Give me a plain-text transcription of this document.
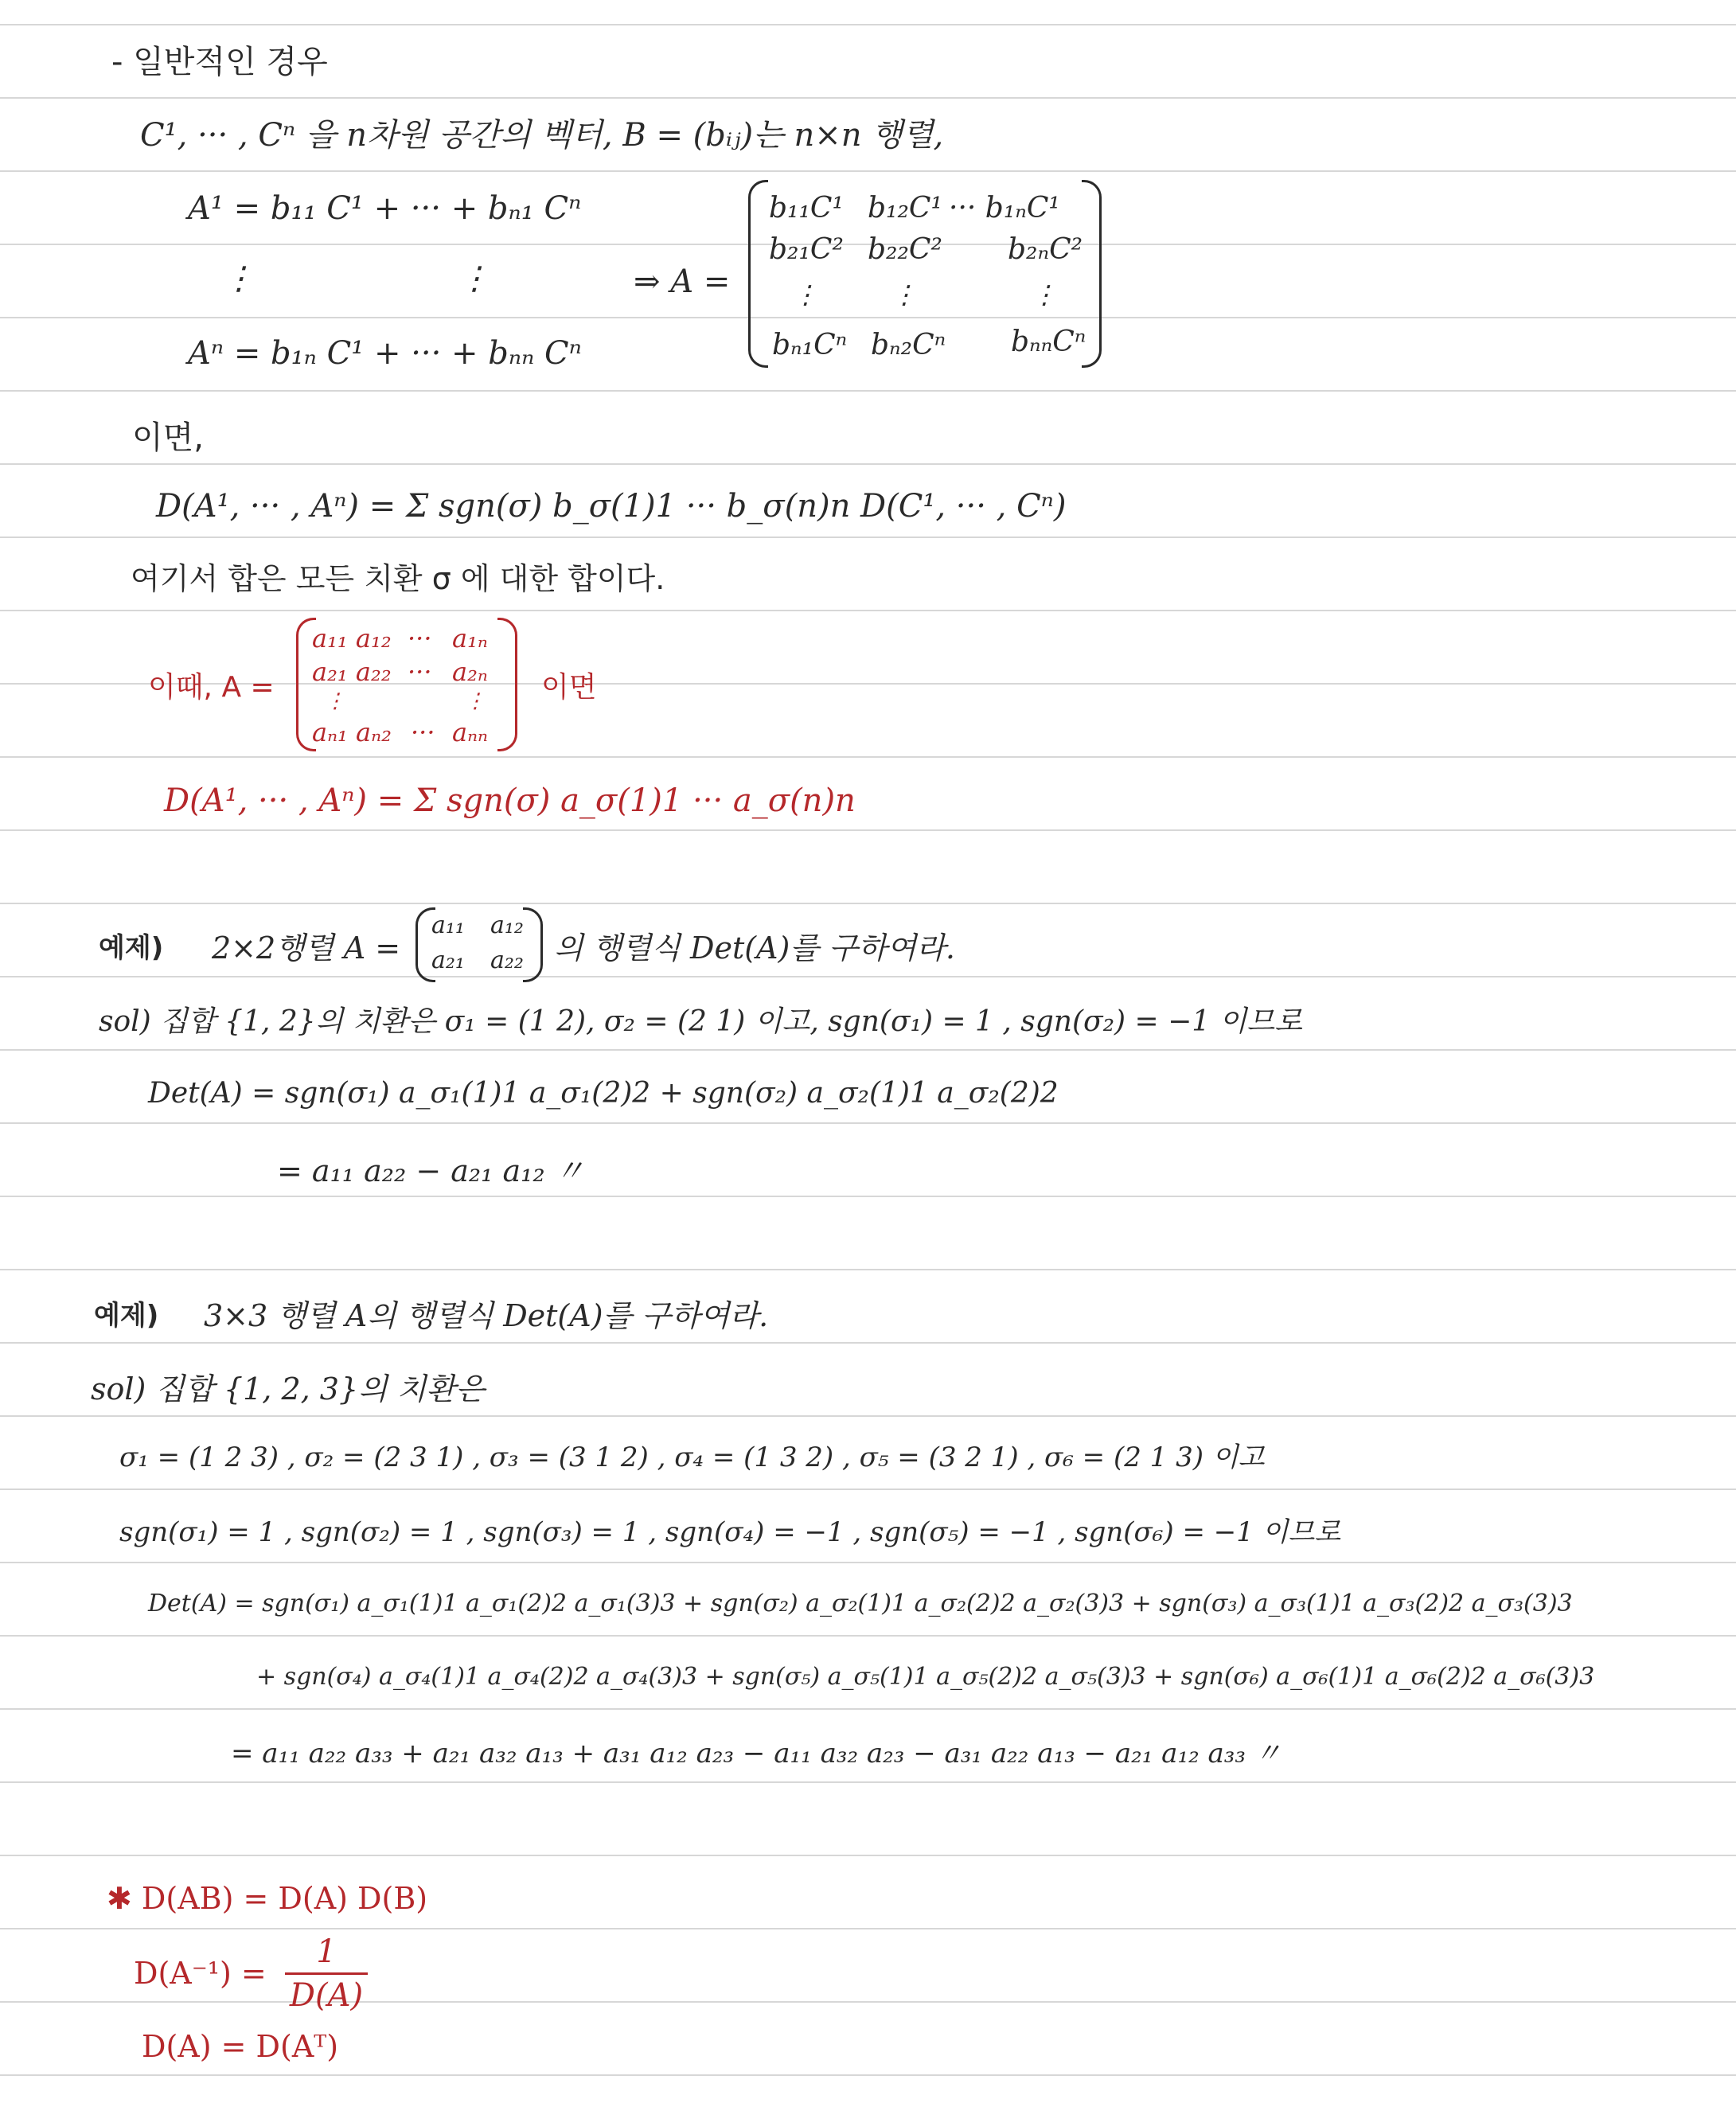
- 일반적인 경우
C¹, ··· , Cⁿ 을 n차원 공간의 벡터, B = (bᵢⱼ)는 n×n 행렬,
A¹ = b₁₁ C¹ + ··· + bₙ₁ Cⁿ
⋮	⋮
Aⁿ = b₁ₙ C¹ + ··· + bₙₙ Cⁿ
⇒ A =
b₁₁C¹ b₁₂C¹ ··· b₁ₙC¹
b₂₁C² b₂₂C² b₂ₙC²
⋮	⋮	⋮
bₙ₁Cⁿ bₙ₂Cⁿ bₙₙCⁿ
이면,
D(A¹, ··· , Aⁿ) = Σ sgn(σ) b_σ(1)1 ··· b_σ(n)n D(C¹, ··· , Cⁿ)
여기서 합은 모든 치환 σ 에 대한 합이다.
이때, A =
a₁₁ a₁₂ ··· a₁ₙ
a₂₁ a₂₂ ··· a₂ₙ
⋮	⋮
aₙ₁ aₙ₂ ··· aₙₙ
이면
D(A¹, ··· , Aⁿ) = Σ sgn(σ) a_σ(1)1 ··· a_σ(n)n
예제) 2×2행렬 A =
a₁₁ a₁₂
a₂₁ a₂₂ 의 행렬식 Det(A)를 구하여라.
sol) 집합 {1, 2}의 치환은 σ₁ = (1 2), σ₂ = (2 1) 이고, sgn(σ₁) = 1 , sgn(σ₂) = −1 이므로
Det(A) = sgn(σ₁) a_σ₁(1)1 a_σ₁(2)2 + sgn(σ₂) a_σ₂(1)1 a_σ₂(2)2
= a₁₁ a₂₂ − a₂₁ a₁₂ 〃
예제) 3×3 행렬 A의 행렬식 Det(A)를 구하여라.
sol) 집합 {1, 2, 3}의 치환은
σ₁ = (1 2 3) , σ₂ = (2 3 1) , σ₃ = (3 1 2) , σ₄ = (1 3 2) , σ₅ = (3 2 1) , σ₆ = (2 1 3) 이고
sgn(σ₁) = 1 , sgn(σ₂) = 1 , sgn(σ₃) = 1 , sgn(σ₄) = −1 , sgn(σ₅) = −1 , sgn(σ₆) = −1 이므로
Det(A) = sgn(σ₁) a_σ₁(1)1 a_σ₁(2)2 a_σ₁(3)3 + sgn(σ₂) a_σ₂(1)1 a_σ₂(2)2 a_σ₂(3)3 + sgn(σ₃) a_σ₃(1)1 a_σ₃(2)2 a_σ₃(3)3
+ sgn(σ₄) a_σ₄(1)1 a_σ₄(2)2 a_σ₄(3)3 + sgn(σ₅) a_σ₅(1)1 a_σ₅(2)2 a_σ₅(3)3 + sgn(σ₆) a_σ₆(1)1 a_σ₆(2)2 a_σ₆(3)3
= a₁₁ a₂₂ a₃₃ + a₂₁ a₃₂ a₁₃ + a₃₁ a₁₂ a₂₃ − a₁₁ a₃₂ a₂₃ − a₃₁ a₂₂ a₁₃ − a₂₁ a₁₂ a₃₃ 〃
✱ D(AB) = D(A) D(B)
D(A⁻¹) =
1
D(A)
D(A) = D(Aᵀ)
